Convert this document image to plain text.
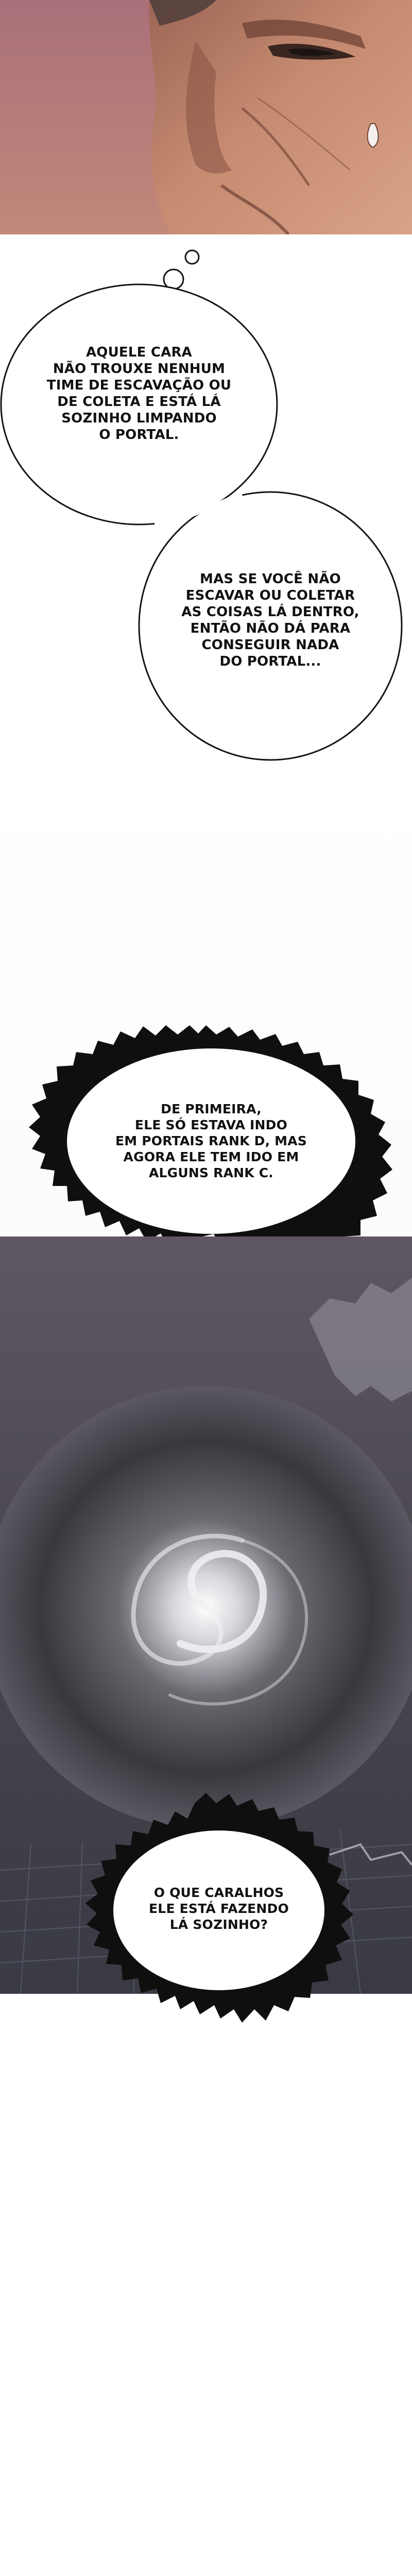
AQUELE CARA
NÃO TROUXE NENHUM
TIME DE ESCAVAÇÃO OU
DE COLETA E ESTÁ LÁ
SOZINHO LIMPANDO
O PORTAL.
MAS SE VOCÊ NÃO
ESCAVAR OU COLETAR
AS COISAS LÁ DENTRO,
ENTÃO NÃO DÁ PARA
CONSEGUIR NADA
DO PORTAL...
DE PRIMEIRA,
ELE SÓ ESTAVA INDO
EM PORTAIS RANK D, MAS
AGORA ELE TEM IDO EM
ALGUNS RANK C.
O QUE CARALHOS
ELE ESTÁ FAZENDO
LÁ SOZINHO?
